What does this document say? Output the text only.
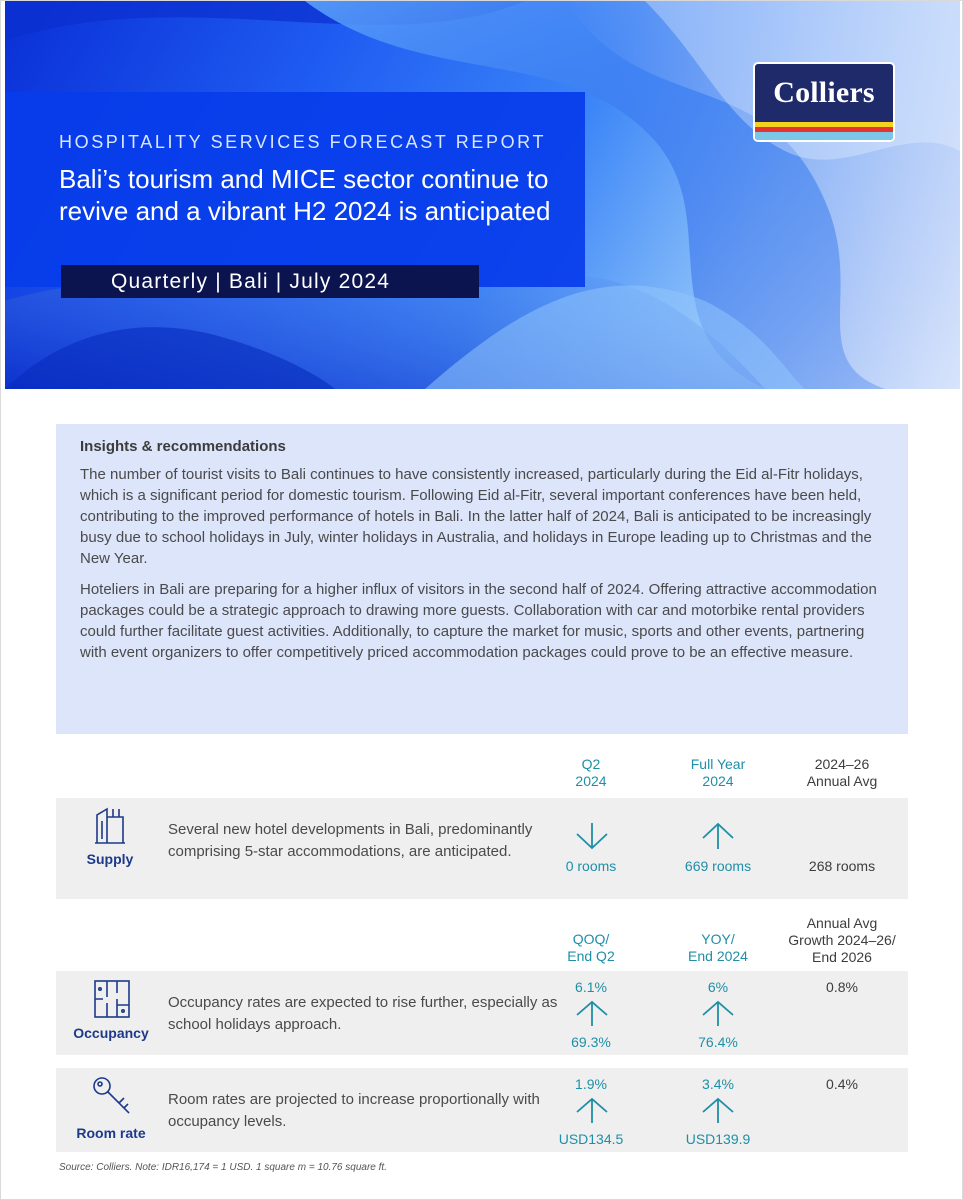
HOSPITALITY SERVICES FORECAST REPORT
Bali’s tourism and MICE sector continue to revive and a vibrant H2 2024 is anticipated
Quarterly | Bali | July 2024
Colliers
Insights & recommendations

The number of tourist visits to Bali continues to have consistently increased, particularly during the Eid al-Fitr holidays, which is a significant period for domestic tourism. Following Eid al-Fitr, several important conferences have been held, contributing to the improved performance of hotels in Bali. In the latter half of 2024, Bali is anticipated to be increasingly busy due to school holidays in July, winter holidays in Australia, and holidays in Europe leading up to Christmas and the New Year.

Hoteliers in Bali are preparing for a higher influx of visitors in the second half of 2024. Offering attractive accommodation packages could be a strategic approach to drawing more guests. Collaboration with car and motorbike rental providers could further facilitate guest activities. Additionally, to capture the market for music, sports and other events, partnering with event organizers to offer competitively priced accommodation packages could prove to be an effective measure.

Q2
2024
Full Year
2024
2024–26
Annual Avg
Supply
Several new hotel developments in Bali, predominantly comprising 5-star accommodations, are anticipated.
0 rooms	669 rooms	268 rooms
QOQ/
End Q2
YOY/
End 2024
Annual Avg
Growth 2024–26/
End 2026
Occupancy
Occupancy rates are expected to rise further, especially as school holidays approach.
6.1%
69.3%
6%
76.4%
0.8%
Room rate
Room rates are projected to increase proportionally with occupancy levels.
1.9%
USD134.5
3.4%
USD139.9
0.4%
Source: Colliers. Note: IDR16,174 = 1 USD. 1 square m = 10.76 square ft.
